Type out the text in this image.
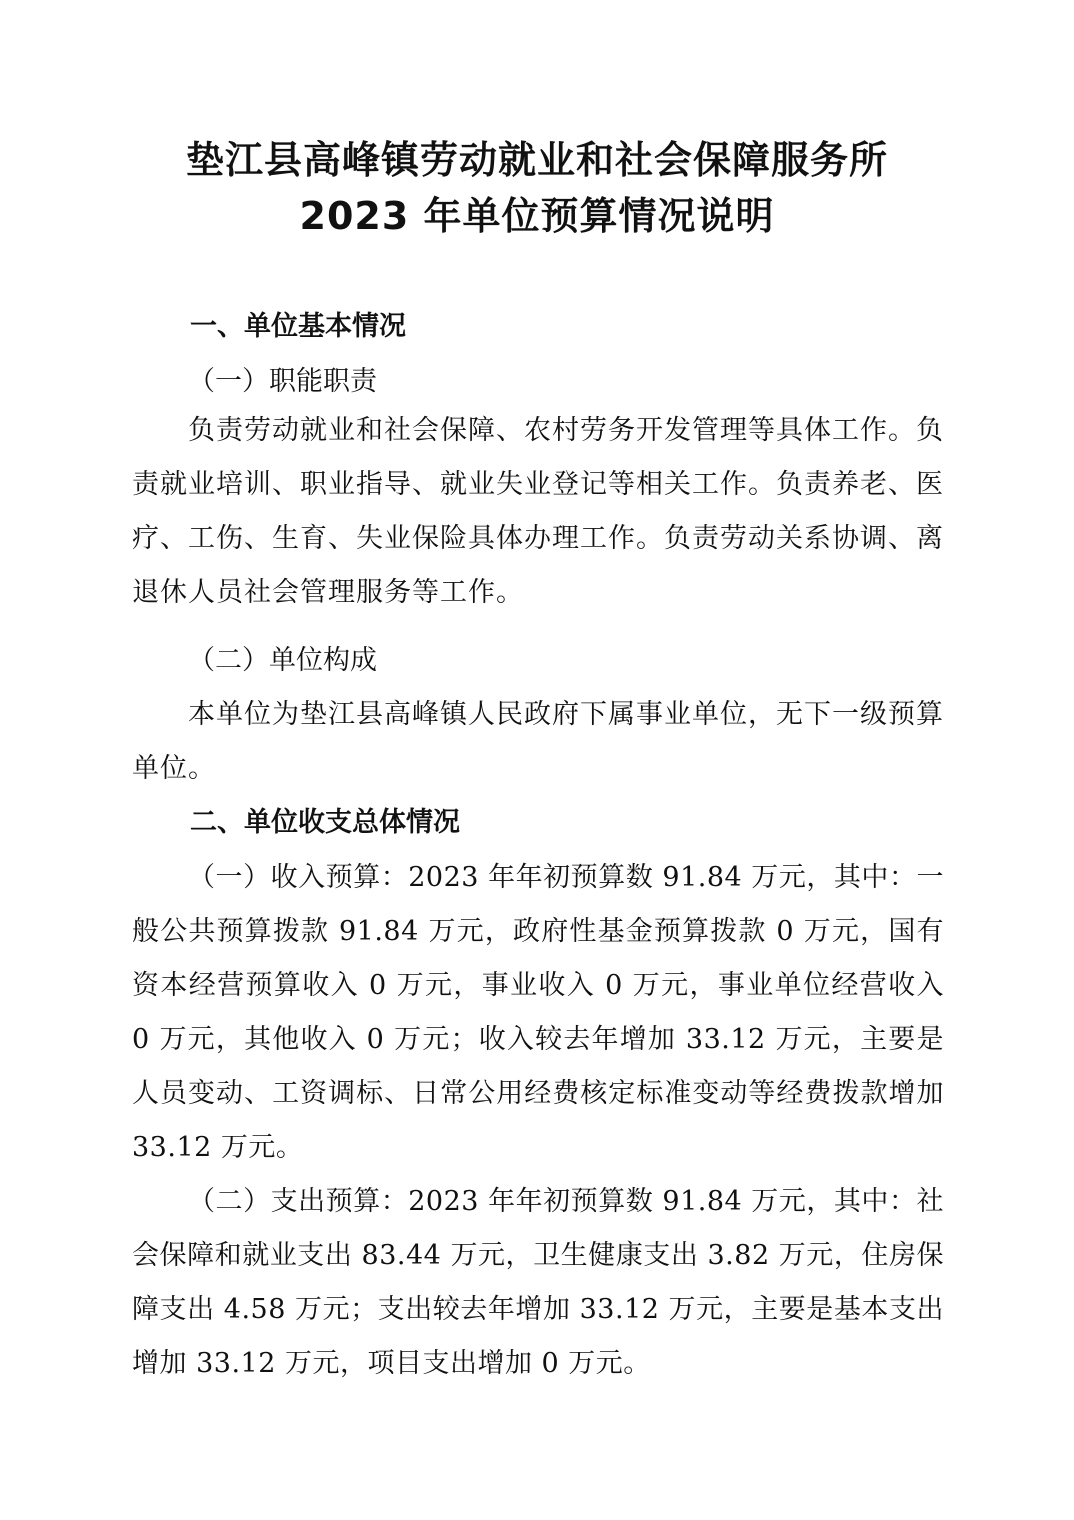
垫江县高峰镇劳动就业和社会保障服务所
2023 年单位预算情况说明
一、单位基本情况
（一）职能职责
负责劳动就业和社会保障、农村劳务开发管理等具体工作。负责就业培训、职业指导、就业失业登记等相关工作。负责养老、医疗、工伤、生育、失业保险具体办理工作。负责劳动关系协调、离退休人员社会管理服务等工作。
（二）单位构成
本单位为垫江县高峰镇人民政府下属事业单位，无下一级预算单位。
二、单位收支总体情况
（一）收入预算：2023 年年初预算数 91.84 万元，其中：一般公共预算拨款 91.84 万元，政府性基金预算拨款 0 万元，国有资本经营预算收入 0 万元，事业收入 0 万元，事业单位经营收入 0 万元，其他收入 0 万元；收入较去年增加 33.12 万元，主要是人员变动、工资调标、日常公用经费核定标准变动等经费拨款增加 33.12 万元。
（二）支出预算：2023 年年初预算数 91.84 万元，其中：社会保障和就业支出 83.44 万元，卫生健康支出 3.82 万元，住房保障支出 4.58 万元；支出较去年增加 33.12 万元，主要是基本支出增加 33.12 万元，项目支出增加 0 万元。
